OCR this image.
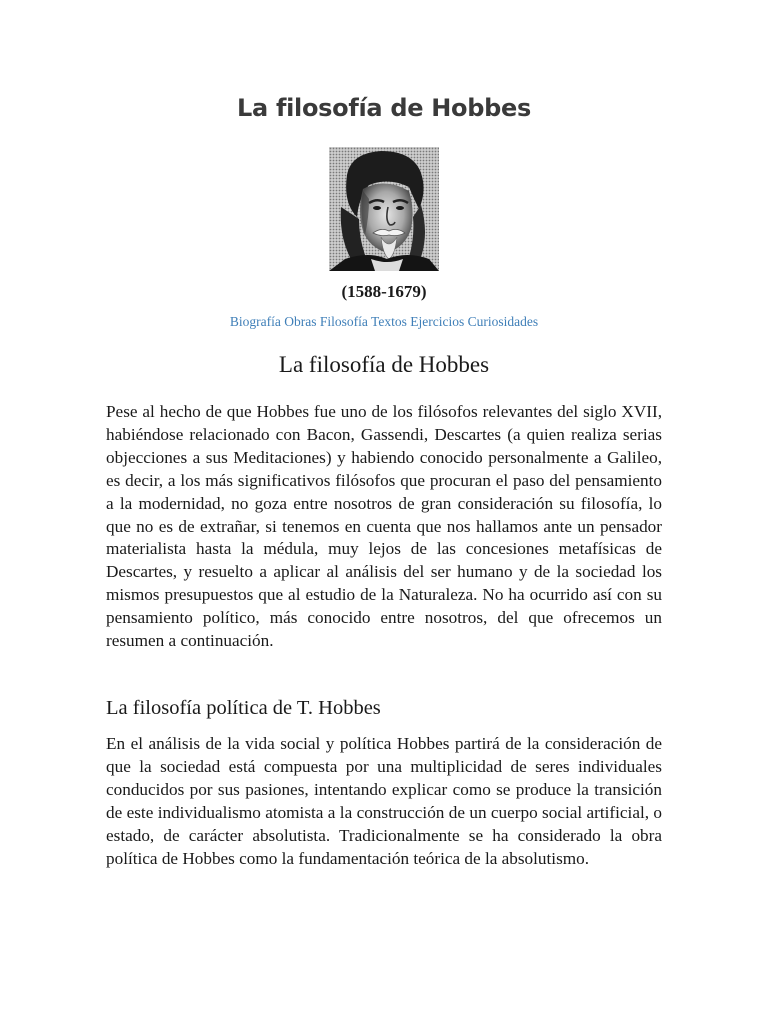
La filosofía de Hobbes
(1588-1679)
Biografía Obras Filosofía Textos Ejercicios Curiosidades
La filosofía de Hobbes

Pese al hecho de que Hobbes fue uno de los filósofos relevantes del siglo XVII, habiéndose relacionado con Bacon, Gassendi, Descartes (a quien realiza serias objecciones a sus Meditaciones) y habiendo conocido personalmente a Galileo, es decir, a los más significativos filósofos que procuran el paso del pensamiento a la modernidad, no goza entre nosotros de gran consideración su filosofía, lo que no es de extrañar, si tenemos en cuenta que nos hallamos ante un pensador materialista hasta la médula, muy lejos de las concesiones metafísicas de Descartes, y resuelto a aplicar al análisis del ser humano y de la sociedad los mismos presupuestos que al estudio de la Naturaleza. No ha ocurrido así con su pensamiento político, más conocido entre nosotros, del que ofrecemos un resumen a continuación.

La filosofía política de T. Hobbes

En el análisis de la vida social y política Hobbes partirá de la consideración de que la sociedad está compuesta por una multiplicidad de seres individuales conducidos por sus pasiones, intentando explicar como se produce la transición de este individualismo atomista a la construcción de un cuerpo social artificial, o estado, de carácter absolutista. Tradicionalmente se ha considerado la obra política de Hobbes como la fundamentación teórica de la absolutismo.
